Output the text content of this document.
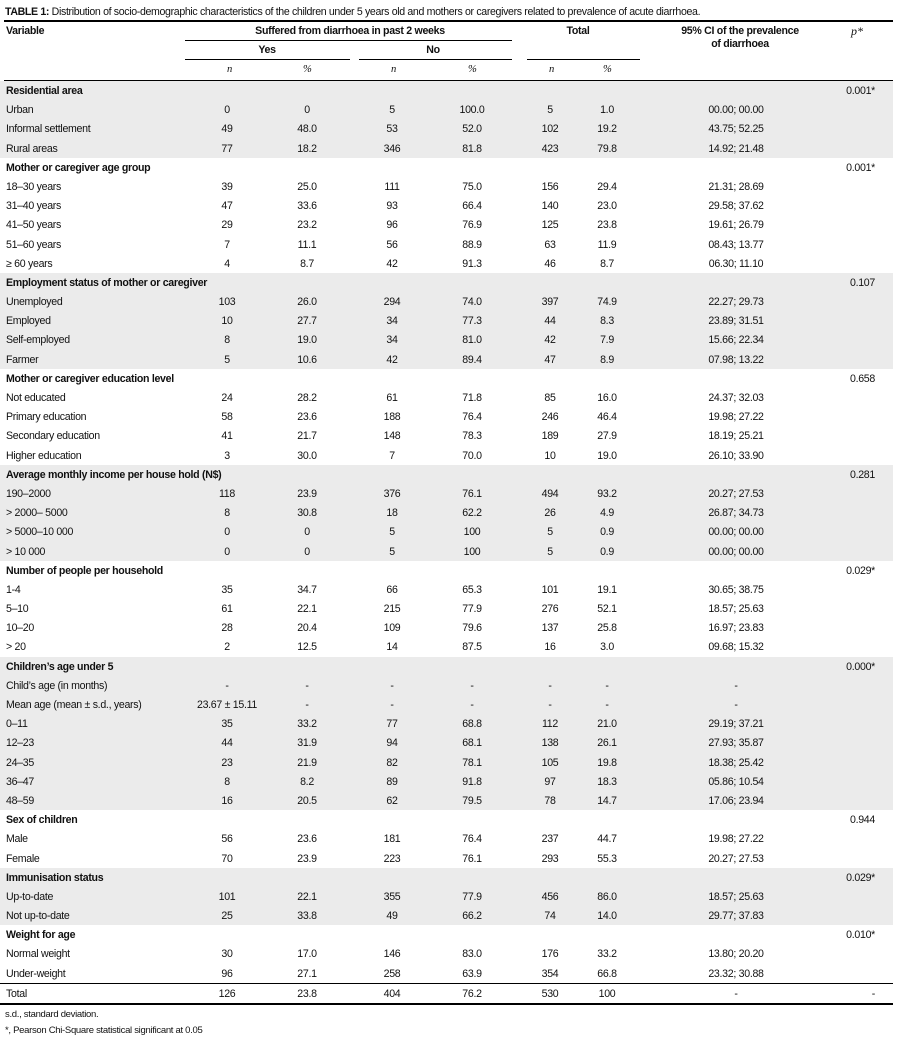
TABLE 1: Distribution of socio-demographic characteristics of the children under 5 years old and mothers or caregivers related to prevalence of acute diarrhoea.
Variable	Suffered from diarrhoea in past 2 weeks
Yes	No
Total	95% CI of the prevalence of diarrhoea
p*
n	%	n	%	n	%
Residential area	0.001*
Urban	0	0	5	100.0	5	1.0	00.00; 00.00
Informal settlement	49	48.0	53	52.0	102	19.2	43.75; 52.25
Rural areas	77	18.2	346	81.8	423	79.8	14.92; 21.48
Mother or caregiver age group	0.001*
18–30 years	39	25.0	111	75.0	156	29.4	21.31; 28.69
31–40 years	47	33.6	93	66.4	140	23.0	29.58; 37.62
41–50 years	29	23.2	96	76.9	125	23.8	19.61; 26.79
51–60 years	7	11.1	56	88.9	63	11.9	08.43; 13.77
≥ 60 years	4	8.7	42	91.3	46	8.7	06.30; 11.10
Employment status of mother or caregiver	0.107
Unemployed	103	26.0	294	74.0	397	74.9	22.27; 29.73
Employed	10	27.7	34	77.3	44	8.3	23.89; 31.51
Self-employed	8	19.0	34	81.0	42	7.9	15.66; 22.34
Farmer	5	10.6	42	89.4	47	8.9	07.98; 13.22
Mother or caregiver education level	0.658
Not educated	24	28.2	61	71.8	85	16.0	24.37; 32.03
Primary education	58	23.6	188	76.4	246	46.4	19.98; 27.22
Secondary education	41	21.7	148	78.3	189	27.9	18.19; 25.21
Higher education	3	30.0	7	70.0	10	19.0	26.10; 33.90
Average monthly income per house hold (N$)	0.281
190–2000	118	23.9	376	76.1	494	93.2	20.27; 27.53
> 2000– 5000	8	30.8	18	62.2	26	4.9	26.87; 34.73
> 5000–10 000	0	0	5	100	5	0.9	00.00; 00.00
> 10 000	0	0	5	100	5	0.9	00.00; 00.00
Number of people per household	0.029*
1-4	35	34.7	66	65.3	101	19.1	30.65; 38.75
5–10	61	22.1	215	77.9	276	52.1	18.57; 25.63
10–20	28	20.4	109	79.6	137	25.8	16.97; 23.83
> 20	2	12.5	14	87.5	16	3.0	09.68; 15.32
Children’s age under 5	0.000*
Child’s age (in months)	-	-	-	-	-	-	-
Mean age (mean ± s.d., years)	23.67 ± 15.11	-	-	-	-	-	-
0–11	35	33.2	77	68.8	112	21.0	29.19; 37.21
12–23	44	31.9	94	68.1	138	26.1	27.93; 35.87
24–35	23	21.9	82	78.1	105	19.8	18.38; 25.42
36–47	8	8.2	89	91.8	97	18.3	05.86; 10.54
48–59	16	20.5	62	79.5	78	14.7	17.06; 23.94
Sex of children	0.944
Male	56	23.6	181	76.4	237	44.7	19.98; 27.22
Female	70	23.9	223	76.1	293	55.3	20.27; 27.53
Immunisation status	0.029*
Up-to-date	101	22.1	355	77.9	456	86.0	18.57; 25.63
Not up-to-date	25	33.8	49	66.2	74	14.0	29.77; 37.83
Weight for age	0.010*
Normal weight	30	17.0	146	83.0	176	33.2	13.80; 20.20
Under-weight	96	27.1	258	63.9	354	66.8	23.32; 30.88
Total	126	23.8	404	76.2	530	100	-	-
s.d., standard deviation.
*, Pearson Chi-Square statistical significant at 0.05
